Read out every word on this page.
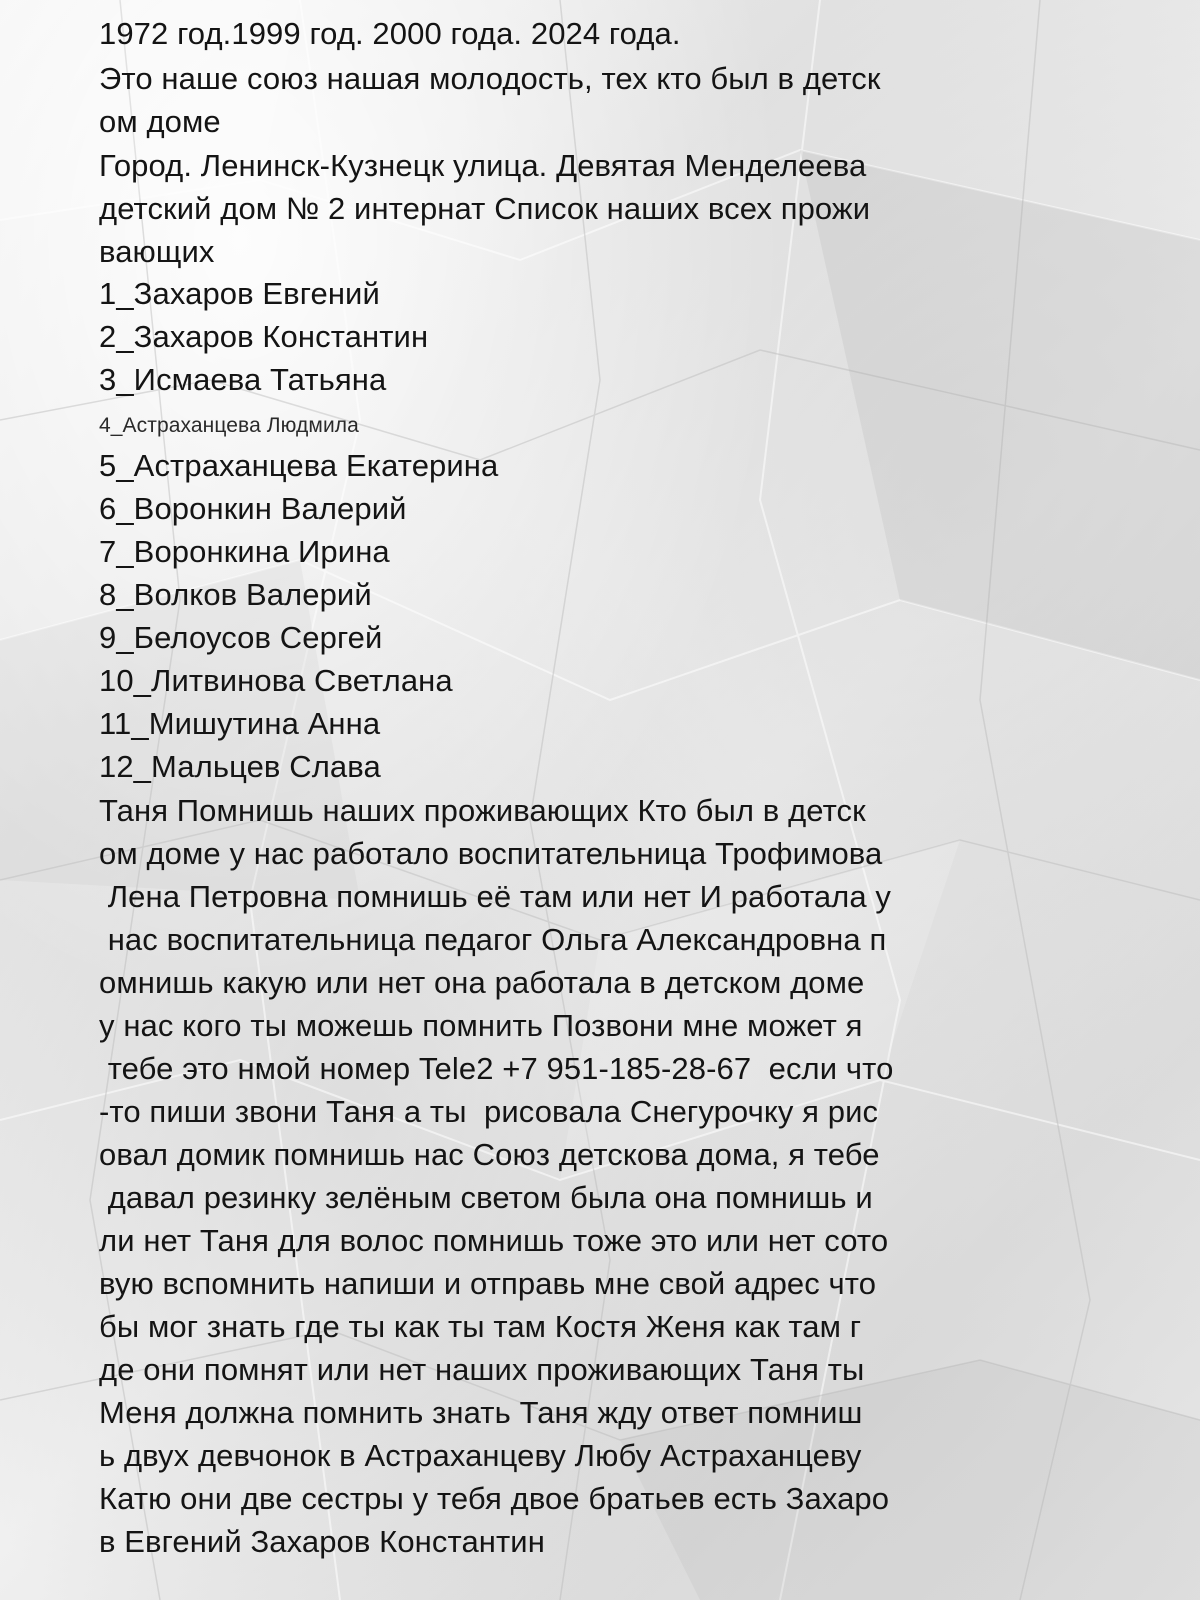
1972 год.1999 год. 2000 года. 2024 года.
Это наше союз нашая молодость, тех кто был в детск
ом доме
Город. Ленинск-Кузнецк улица. Девятая Менделеева
детский дом № 2 интернат Список наших всех прожи
вающих
1_Захаров Евгений
2_Захаров Константин
3_Исмаева Татьяна
4_Астраханцева Людмила
5_Астраханцева Екатерина
6_Воронкин Валерий
7_Воронкина Ирина
8_Волков Валерий
9_Белоусов Сергей
10_Литвинова Светлана
11_Мишутина Анна
12_Мальцев Слава
Таня Помнишь наших проживающих Кто был в детск
ом доме у нас работало воспитательница Трофимова
Лена Петровна помнишь её там или нет И работала у
нас воспитательница педагог Ольга Александровна п
омнишь какую или нет она работала в детском доме
у нас кого ты можешь помнить Позвони мне может я
тебе это нмой номер Tele2 +7 951-185-28-67  если что
-то пиши звони Таня а ты  рисовала Снегурочку я рис
овал домик помнишь нас Союз детскова дома, я тебе
давал резинку зелёным светом была она помнишь и
ли нет Таня для волос помнишь тоже это или нет сото
вую вспомнить напиши и отправь мне свой адрес что
бы мог знать где ты как ты там Костя Женя как там г
де они помнят или нет наших проживающих Таня ты
Меня должна помнить знать Таня жду ответ помниш
ь двух девчонок в Астраханцеву Любу Астраханцеву
Катю они две сестры у тебя двое братьев есть Захаро
в Евгений Захаров Константин
